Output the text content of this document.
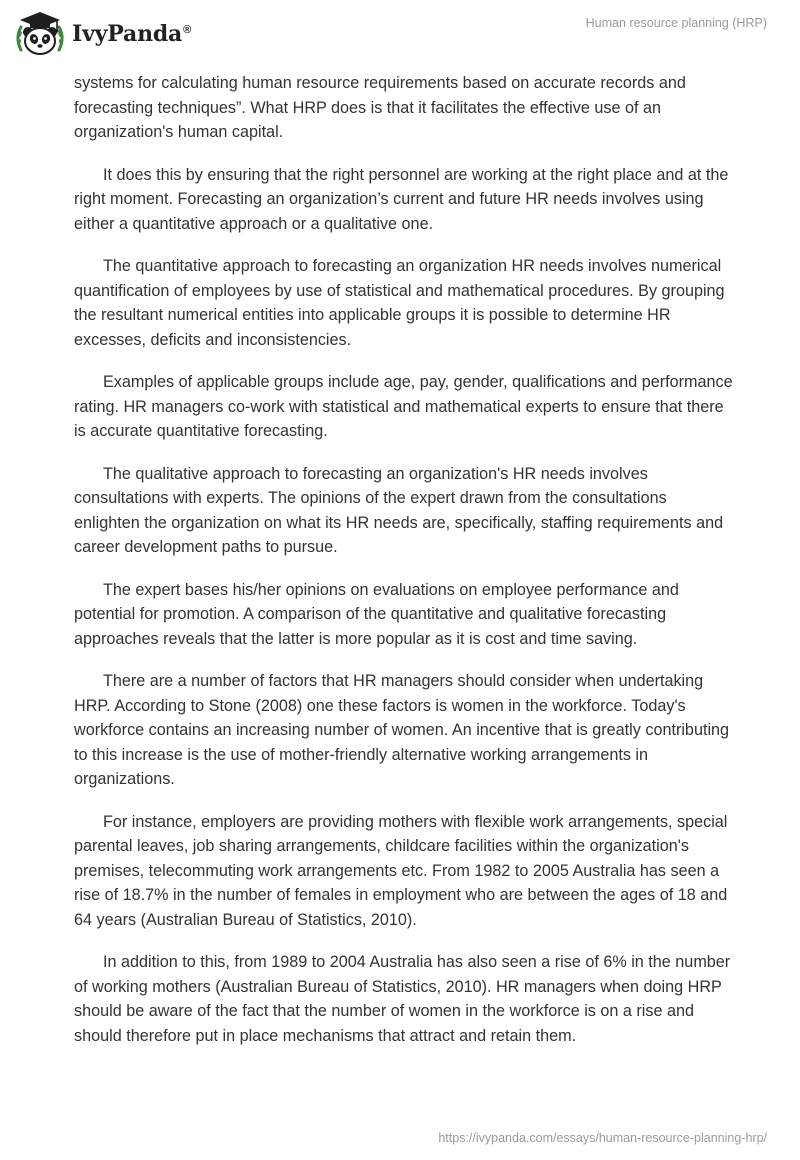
IvyPanda®	Human resource planning (HRP)

systems for calculating human resource requirements based on accurate records and forecasting techniques”. What HRP does is that it facilitates the effective use of an organization's human capital.

It does this by ensuring that the right personnel are working at the right place and at the right moment. Forecasting an organization’s current and future HR needs involves using either a quantitative approach or a qualitative one.

The quantitative approach to forecasting an organization HR needs involves numerical quantification of employees by use of statistical and mathematical procedures. By grouping the resultant numerical entities into applicable groups it is possible to determine HR excesses, deficits and inconsistencies.

Examples of applicable groups include age, pay, gender, qualifications and performance rating. HR managers co-work with statistical and mathematical experts to ensure that there is accurate quantitative forecasting.

The qualitative approach to forecasting an organization's HR needs involves consultations with experts. The opinions of the expert drawn from the consultations enlighten the organization on what its HR needs are, specifically, staffing requirements and career development paths to pursue.

The expert bases his/her opinions on evaluations on employee performance and potential for promotion. A comparison of the quantitative and qualitative forecasting approaches reveals that the latter is more popular as it is cost and time saving.

There are a number of factors that HR managers should consider when undertaking HRP. According to Stone (2008) one these factors is women in the workforce. Today's workforce contains an increasing number of women. An incentive that is greatly contributing to this increase is the use of mother-friendly alternative working arrangements in organizations.

For instance, employers are providing mothers with flexible work arrangements, special parental leaves, job sharing arrangements, childcare facilities within the organization's premises, telecommuting work arrangements etc. From 1982 to 2005 Australia has seen a rise of 18.7% in the number of females in employment who are between the ages of 18 and 64 years (Australian Bureau of Statistics, 2010).

In addition to this, from 1989 to 2004 Australia has also seen a rise of 6% in the number of working mothers (Australian Bureau of Statistics, 2010). HR managers when doing HRP should be aware of the fact that the number of women in the workforce is on a rise and should therefore put in place mechanisms that attract and retain them.

https://ivypanda.com/essays/human-resource-planning-hrp/
